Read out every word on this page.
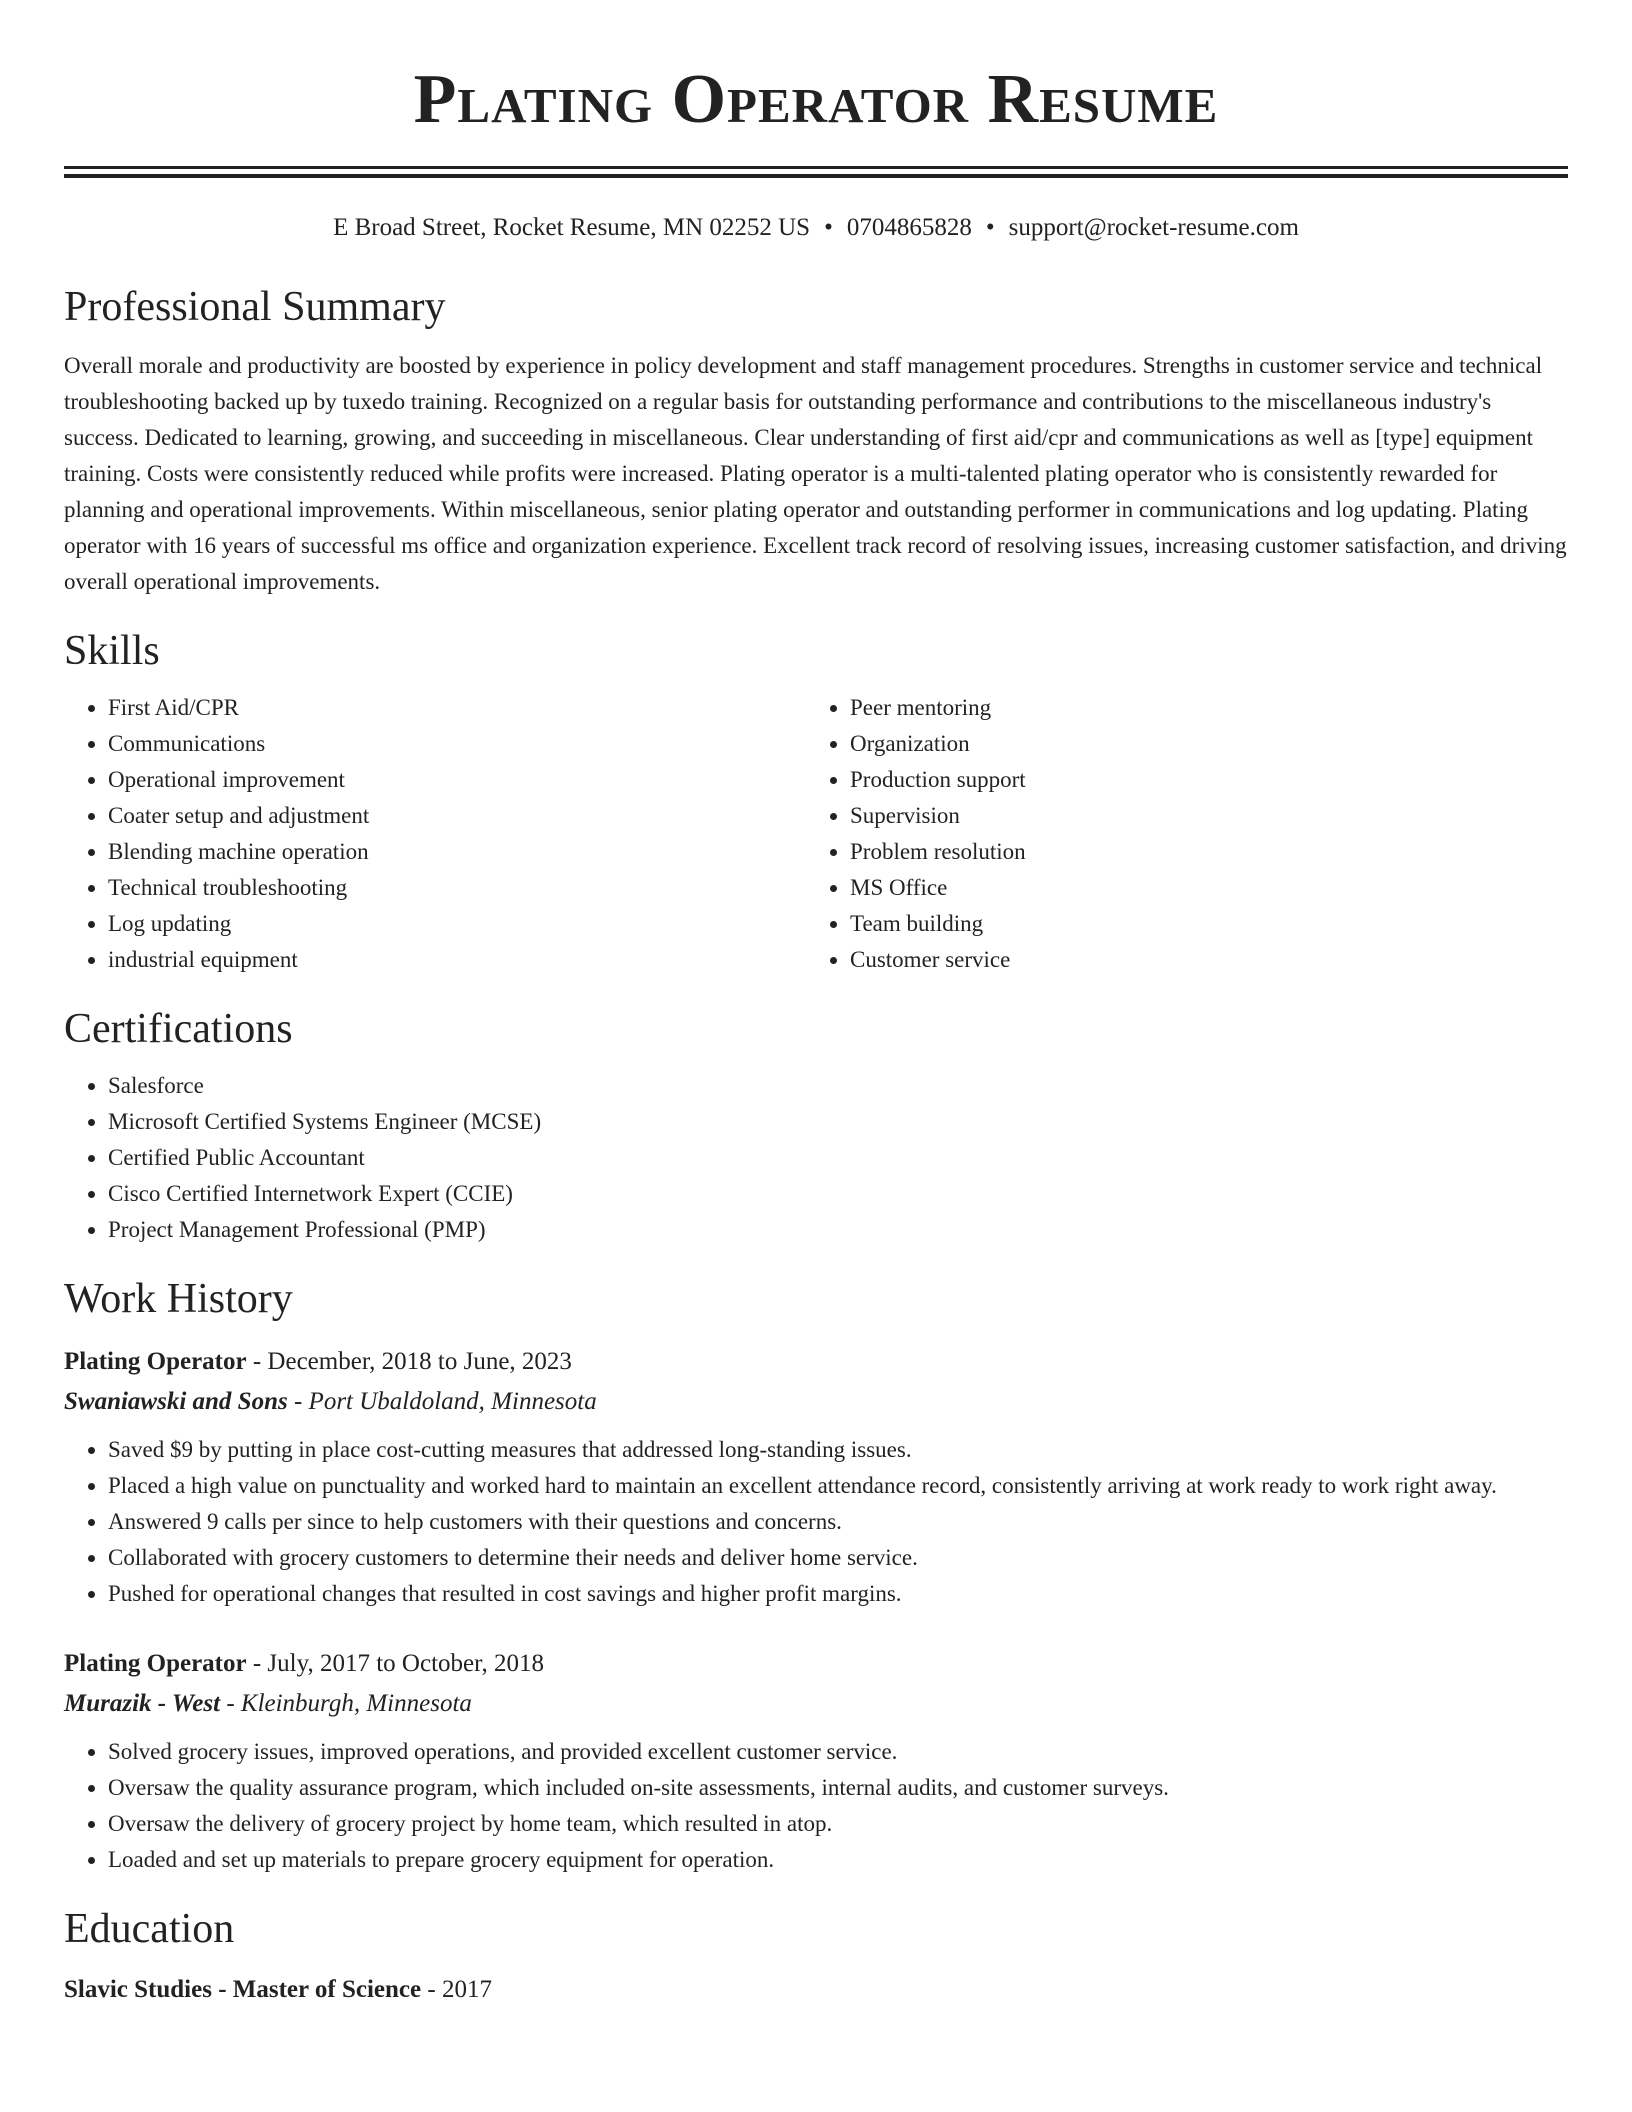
Plating Operator Resume
E Broad Street, Rocket Resume, MN 02252 US • 0704865828 • support@rocket-resume.com
Professional Summary
Overall morale and productivity are boosted by experience in policy development and staff management procedures. Strengths in customer service and technical troubleshooting backed up by tuxedo training. Recognized on a regular basis for outstanding performance and contributions to the miscellaneous industry's success. Dedicated to learning, growing, and succeeding in miscellaneous. Clear understanding of first aid/cpr and communications as well as [type] equipment training. Costs were consistently reduced while profits were increased. Plating operator is a multi-talented plating operator who is consistently rewarded for planning and operational improvements. Within miscellaneous, senior plating operator and outstanding performer in communications and log updating. Plating operator with 16 years of successful ms office and organization experience. Excellent track record of resolving issues, increasing customer satisfaction, and driving overall operational improvements.
Skills
• First Aid/CPR
• Communications
• Operational improvement
• Coater setup and adjustment
• Blending machine operation
• Technical troubleshooting
• Log updating
• industrial equipment
• Peer mentoring
• Organization
• Production support
• Supervision
• Problem resolution
• MS Office
• Team building
• Customer service
Certifications
• Salesforce
• Microsoft Certified Systems Engineer (MCSE)
• Certified Public Accountant
• Cisco Certified Internetwork Expert (CCIE)
• Project Management Professional (PMP)
Work History
Plating Operator - December, 2018 to June, 2023
Swaniawski and Sons - Port Ubaldoland, Minnesota
• Saved $9 by putting in place cost-cutting measures that addressed long-standing issues.
• Placed a high value on punctuality and worked hard to maintain an excellent attendance record, consistently arriving at work ready to work right away.
• Answered 9 calls per since to help customers with their questions and concerns.
• Collaborated with grocery customers to determine their needs and deliver home service.
• Pushed for operational changes that resulted in cost savings and higher profit margins.
Plating Operator - July, 2017 to October, 2018
Murazik - West - Kleinburgh, Minnesota
• Solved grocery issues, improved operations, and provided excellent customer service.
• Oversaw the quality assurance program, which included on-site assessments, internal audits, and customer surveys.
• Oversaw the delivery of grocery project by home team, which resulted in atop.
• Loaded and set up materials to prepare grocery equipment for operation.
Education
Slavic Studies - Master of Science - 2017
